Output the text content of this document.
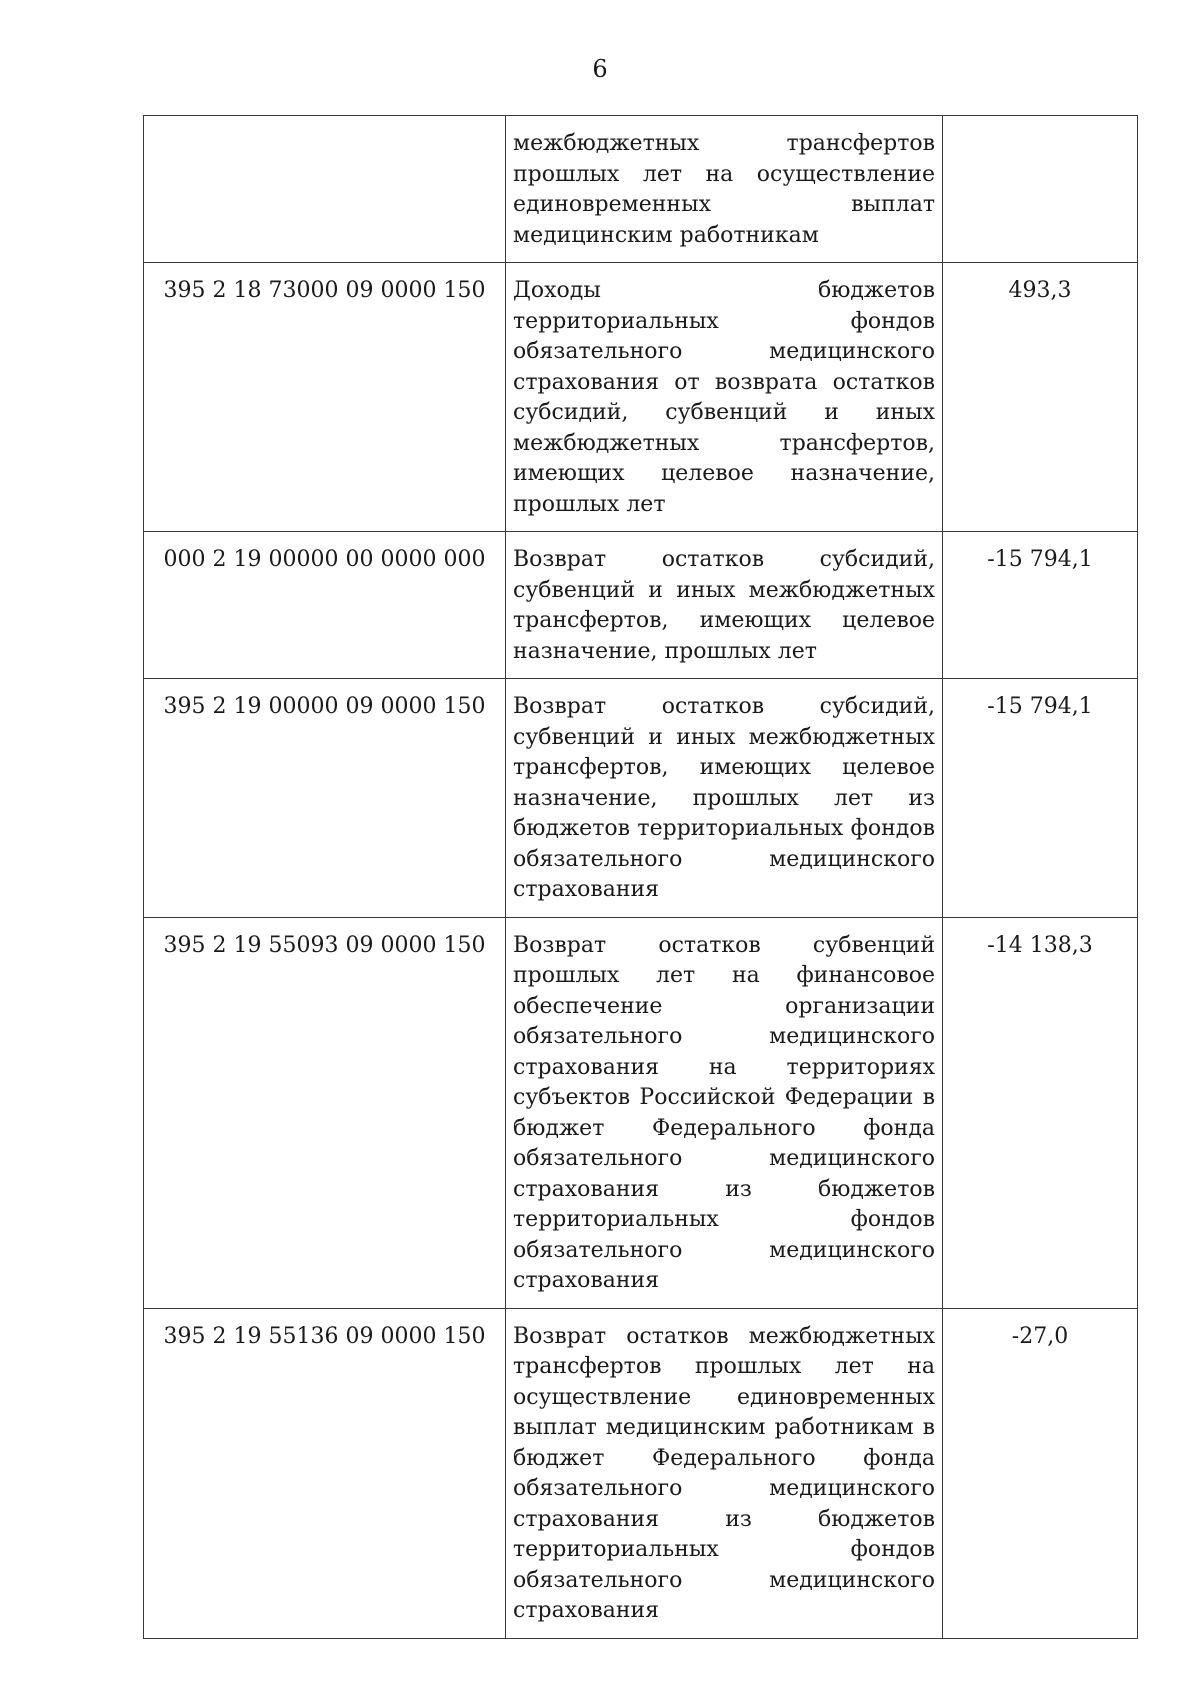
6
	межбюджетных трансфертов прошлых лет на осуществление единовременных выплат медицинским работникам	
395 2 18 73000 09 0000 150	Доходы бюджетов территориальных фондов обязательного медицинского страхования от возврата остатков субсидий, субвенций и иных межбюджетных трансфертов, имеющих целевое назначение, прошлых лет	493,3
000 2 19 00000 00 0000 000	Возврат остатков субсидий, субвенций и иных межбюджетных трансфертов, имеющих целевое назначение, прошлых лет	-15 794,1
395 2 19 00000 09 0000 150	Возврат остатков субсидий, субвенций и иных межбюджетных трансфертов, имеющих целевое назначение, прошлых лет из бюджетов территориальных фондов обязательного медицинского страхования	-15 794,1
395 2 19 55093 09 0000 150	Возврат остатков субвенций прошлых лет на финансовое обеспечение организации обязательного медицинского страхования на территориях субъектов Российской Федерации в бюджет Федерального фонда обязательного медицинского страхования из бюджетов территориальных фондов обязательного медицинского страхования	-14 138,3
395 2 19 55136 09 0000 150	Возврат остатков межбюджетных трансфертов прошлых лет на осуществление единовременных выплат медицинским работникам в бюджет Федерального фонда обязательного медицинского страхования из бюджетов территориальных фондов обязательного медицинского страхования	-27,0
